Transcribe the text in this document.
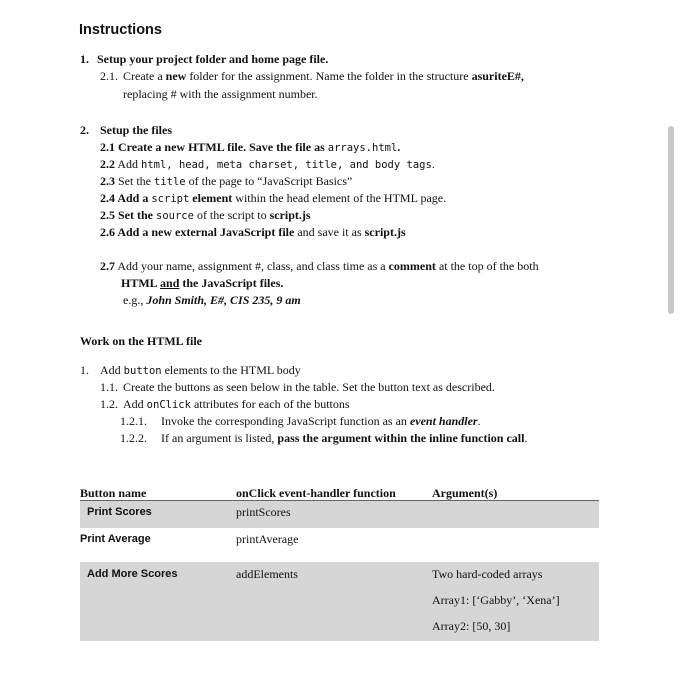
Instructions
1. Setup your project folder and home page file.
2.1. Create a new folder for the assignment. Name the folder in the structure asuriteE#,
replacing # with the assignment number.
2. Setup the files
2.1 Create a new HTML file. Save the file as arrays.html.
2.2 Add html, head, meta charset, title, and body tags.
2.3 Set the title of the page to “JavaScript Basics”
2.4 Add a script element within the head element of the HTML page.
2.5 Set the source of the script to script.js
2.6 Add a new external JavaScript file and save it as script.js
2.7 Add your name, assignment #, class, and class time as a comment at the top of the both
HTML and the JavaScript files.
e.g., John Smith, E#, CIS 235, 9 am
Work on the HTML file
1. Add button elements to the HTML body
1.1. Create the buttons as seen below in the table. Set the button text as described.
1.2. Add onClick attributes for each of the buttons
1.2.1. Invoke the corresponding JavaScript function as an event handler.
1.2.2. If an argument is listed, pass the argument within the inline function call.
Button name	onClick event-handler function	Argument(s)
Print Scores	printScores
Print Average	printAverage
Add More Scores	addElements	Two hard-coded arrays
Array1: [‘Gabby’, ‘Xena’]
Array2: [50, 30]
